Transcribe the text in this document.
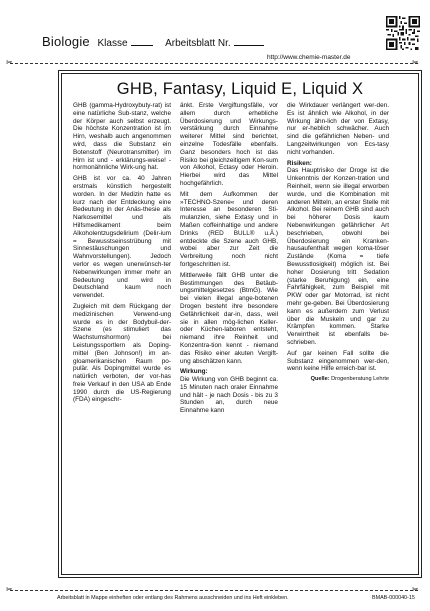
Biologie Klasse	Arbeitsblatt Nr.
http://www.chemie-master.de
✂	✂
GHB, Fantasy, Liquid E, Liquid X

GHB (gamma-Hydroxybuty-rat) ist eine natürliche Sub-stanz, welche der Körper auch selbst erzeugt. Die höchste Konzentration ist im Hirn, weshalb auch angenommen wird, dass die Substanz ein Botenstoff (Neurotransmitter) im Hirn ist und - erklärungs-weise! - hormonähnliche Wirk-ung hat.

GHB ist vor ca. 40 Jahren erstmals künstlich hergestellt worden. In der Medizin hatte es kurz nach der Entdeckung eine Bedeutung in der Anäs-thesie als Narkosemittel und als Hilfsmedikament beim Alkoholentzugsdelirium (Delir-ium = Bewusstseinsstrübung mit Sinnestäuschungen und Wahnvorstellungen). Jedoch verlor es wegen unerwünsch-ter Nebenwirkungen immer mehr an Bedeutung und wird in Deutschland kaum noch verwendet.

Zugleich mit dem Rückgang der medizinischen Verwend-ung wurde es in der Bodybuil-der-Szene (es stimuliert das Wachstumshormon) bei Leistungssportlern als Doping-mittel (Ben Johnson!) im an-gloamerikanischen Raum po-pulär. Als Dopingmittel wurde es natürlich verboten, der vor-has freie Verkauf in den USA ab Ende 1990 durch die US-Regierung (FDA) eingeschr-

änkt. Erste Vergiftungsfälle, vor allem durch erhebliche Überdosierung und Wirkungs-verstärkung durch Einnahme weiterer Mittel sind berichtet, einzelne Todesfälle ebenfalls. Ganz besonders hoch ist das Risiko bei gleichzeitigem Kon-sum von Alkohol, Ectasy oder Heroin. Hierbei wird das Mittel hochgefährlich.

Mit dem Aufkommen der »TECHNO-Szene« und deren Interesse an besonderen Sti-mulanzien, siehe Extasy und in Maßen coffeinhaltige und andere Drinks (RED BULL® u.Ä.) entdeckte die Szene auch GHB, wobei aber zur Zeit die Verbreitung noch nicht fortgeschritten ist.

Mittlerweile fällt GHB unter die Bestimmungen des Betäub-ungsmittelgesetzes (BtmG). Wie bei vielen illegal ange-botenen Drogen besteht ihre besondere Gefährlichkeit dar-in, dass, weil sie in allen mög-lichen Keller- oder Küchen-laboren entsteht, niemand ihre Reinheit und Konzentra-tion kennt - niemand das Risiko einer akuten Vergift-ung abschätzen kann.

Wirkung:

Die Wirkung von GHB beginnt ca. 15 Minuten nach oraler Einnahme und hält - je nach Dosis - bis zu 3 Stunden an, durch neue Einnahme kann

die Wirkdauer verlängert wer-den. Es ist ähnlich wie Alkohol, in der Wirkung ähn-lich der von Extasy, nur er-heblich schwächer. Auch sind die gefährlichen Neben- und Langzeitwirkungen von Ecs-tasy nicht vorhanden.

Risiken:

Das Hauptrisiko der Droge ist die Unkenntnis der Konzen-tration und Reinheit, wenn sie illegal erworben wurde, und die Kombination mit anderen Mitteln, an erster Stelle mit Alkohol. Bei reinem GHB sind auch bei höherer Dosis kaum Nebenwirkungen gefährlicher Art beschrieben, obwohl bei Überdosierung ein Kranken-hausaufenthalt wegen koma-töser Zustände (Koma = tiefe Bewusstlosigkeit) möglich ist. Bei hoher Dosierung tritt Sedation (starke Beruhigung) ein, eine Fahrfähigkeit, zum Beispiel mit PKW oder gar Motorrad, ist nicht mehr ge-geben. Bei Überdosierung kann es außerdem zum Verlust über die Muskeln und gar zu Krämpfen kommen. Starke Verwirrtheit ist ebenfalls be-schrieben.

Auf gar keinen Fall sollte die Substanz eingenommen wer-den, wenn keine Hilfe erreich-bar ist.

Quelle: Drogenberatung Lehrte
✂	✂
Arbeitsblatt in Mappe einheften oder entlang des Rahmens ausschneiden und ins Heft einkleben.	BMAB-000040-15
